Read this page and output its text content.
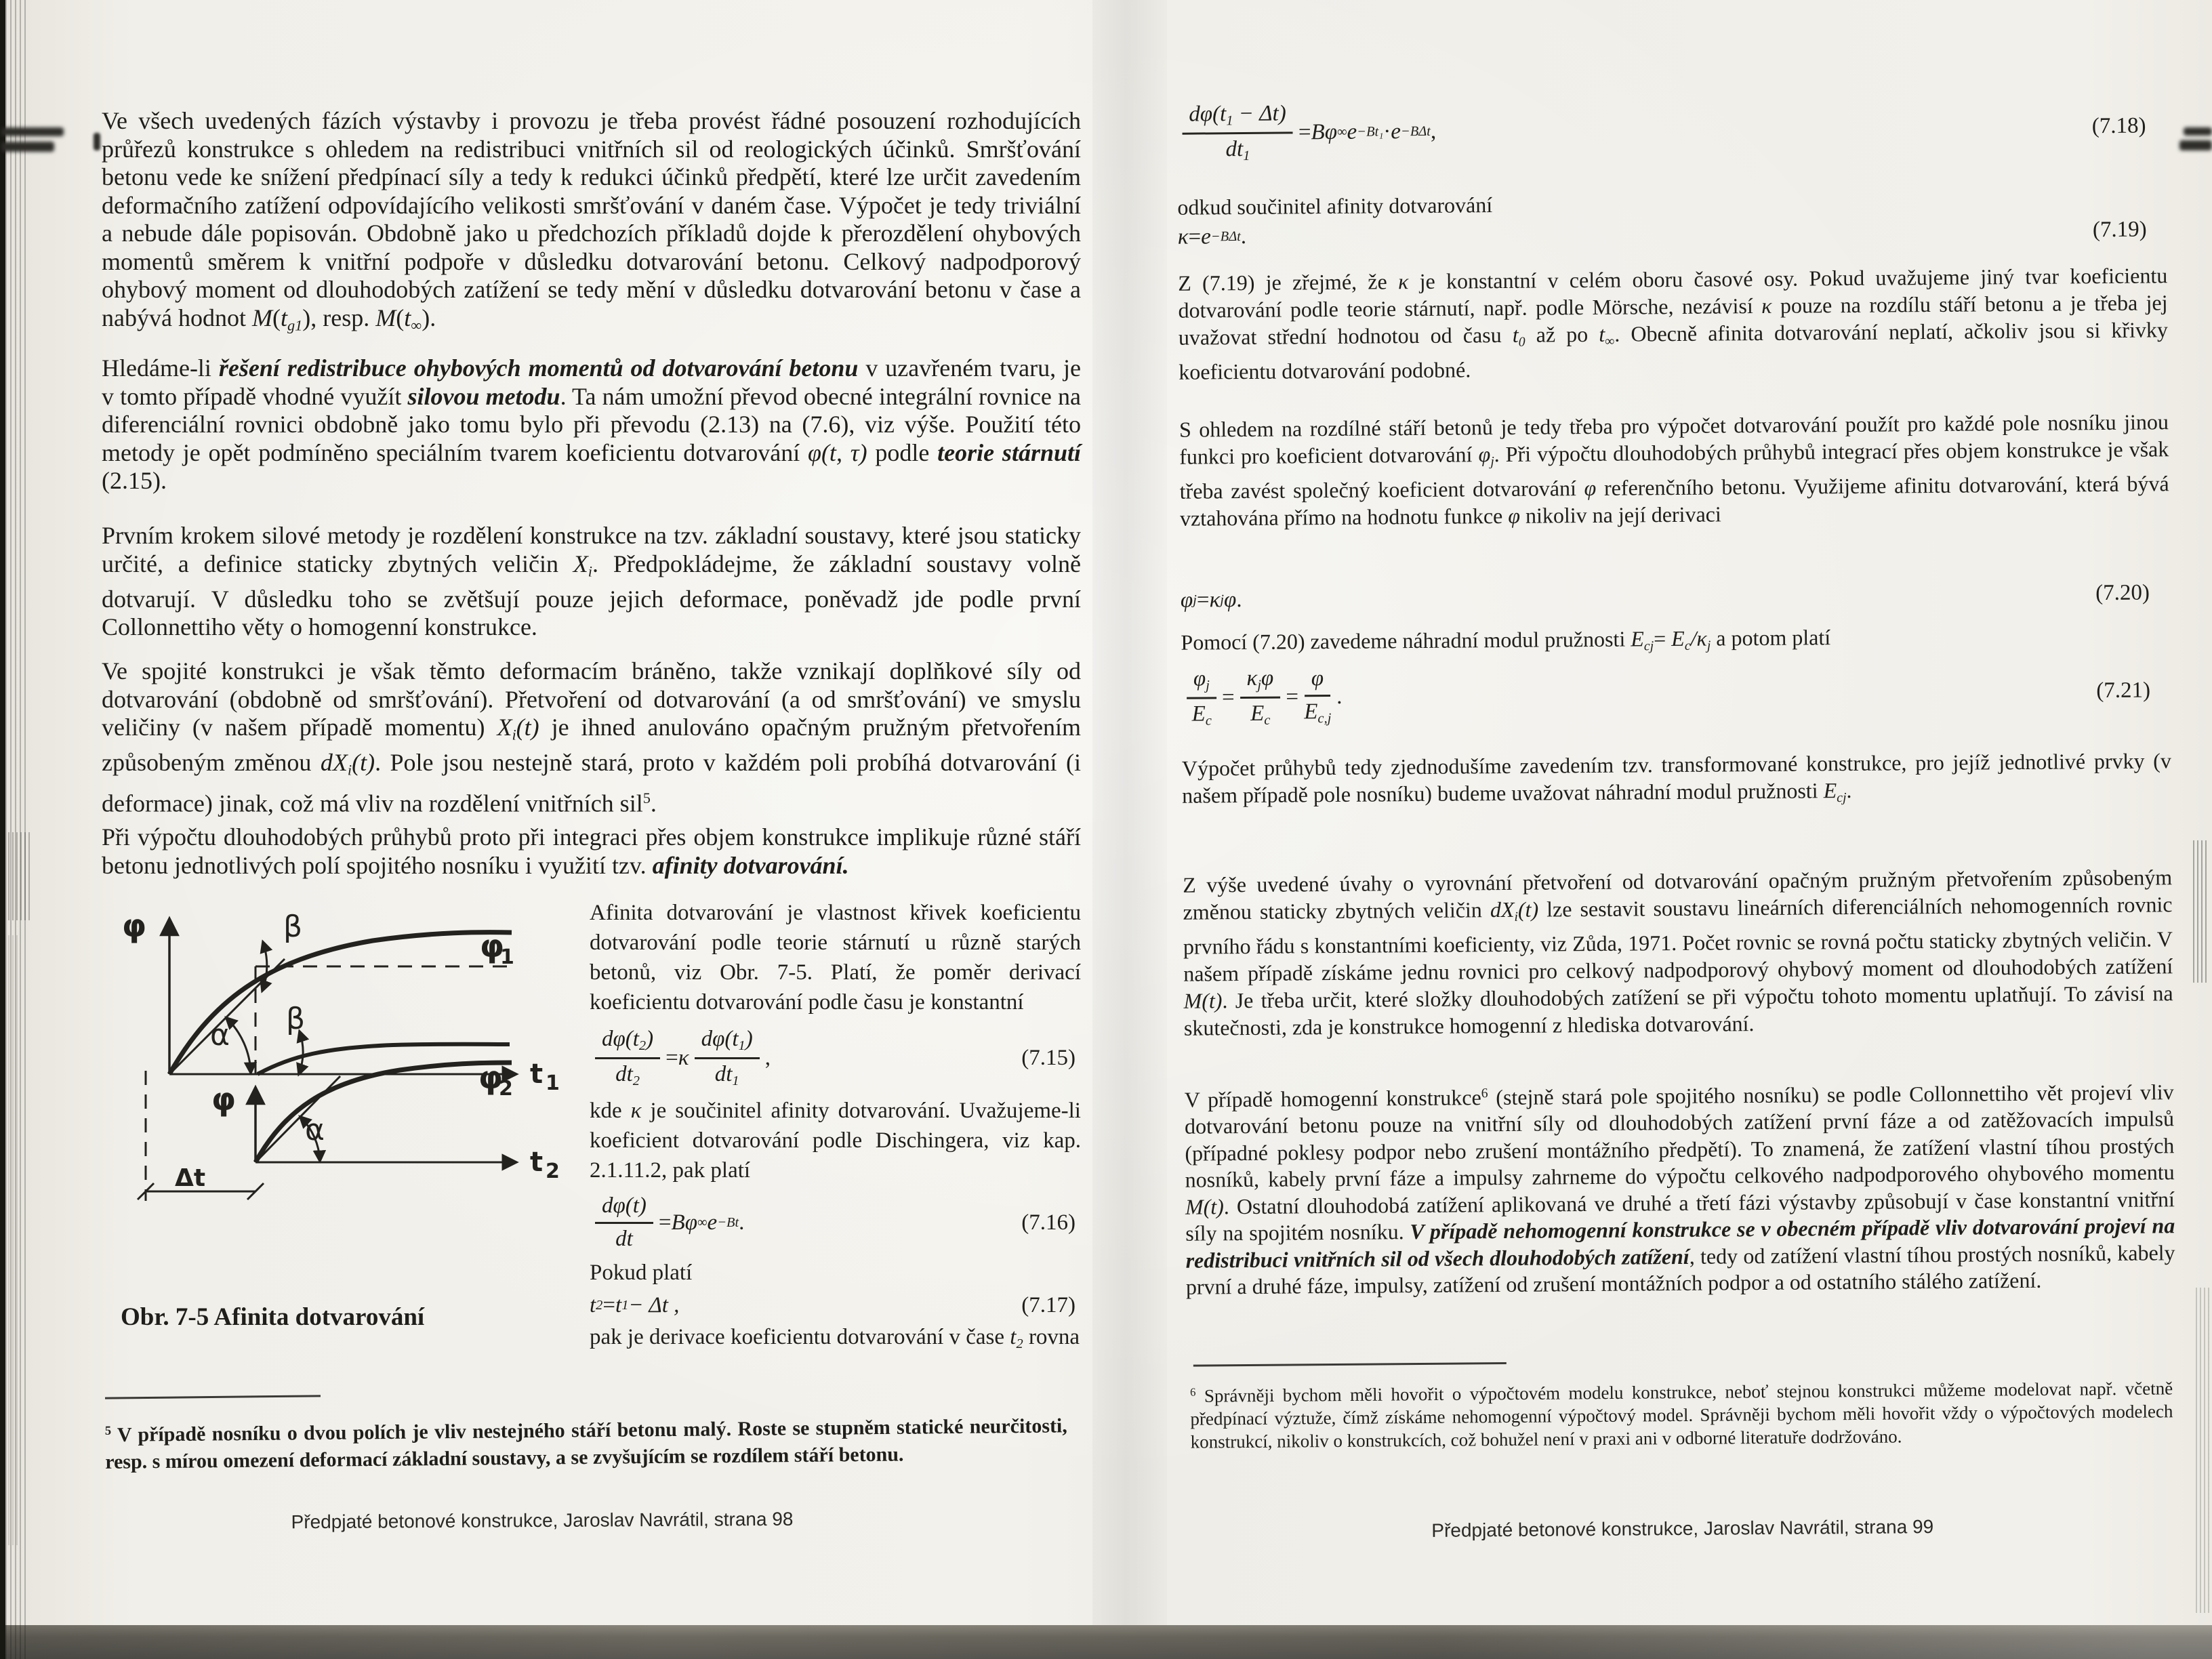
Ve všech uvedených fázích výstavby i provozu je třeba provést řádné posouzení rozhodujících průřezů konstrukce s ohledem na redistribuci vnitřních sil od reologických účinků. Smršťování betonu vede ke snížení předpínací síly a tedy k redukci účinků předpětí, které lze určit zavedením deformačního zatížení odpovídajícího velikosti smršťování v daném čase. Výpočet je tedy triviální a nebude dále popisován. Obdobně jako u předchozích příkladů dojde k přerozdělení ohybových momentů směrem k vnitřní podpoře v důsledku dotvarování betonu. Celkový nadpodporový ohybový moment od dlouhodobých zatížení se tedy mění v důsledku dotvarování betonu v čase a nabývá hodnot M(tg1), resp. M(t∞).
Hledáme-li řešení redistribuce ohybových momentů od dotvarování betonu v uzavřeném tvaru, je v tomto případě vhodné využít silovou metodu. Ta nám umožní převod obecné integrální rovnice na diferenciální rovnici obdobně jako tomu bylo při převodu (2.13) na (7.6), viz výše. Použití této metody je opět podmíněno speciálním tvarem koeficientu dotvarování φ(t, τ) podle teorie stárnutí (2.15).
Prvním krokem silové metody je rozdělení konstrukce na tzv. základní soustavy, které jsou staticky určité, a definice staticky zbytných veličin Xi. Předpokládejme, že základní soustavy volně dotvarují. V důsledku toho se zvětšují pouze jejich deformace, poněvadž jde podle první Collonnettiho věty o homogenní konstrukce.
Ve spojité konstrukci je však těmto deformacím bráněno, takže vznikají doplňkové síly od dotvarování (obdobně od smršťování). Přetvoření od dotvarování (a od smršťování) ve smyslu veličiny (v našem případě momentu) Xi(t) je ihned anulováno opačným pružným přetvořením způsobeným změnou dXi(t). Pole jsou nestejně stará, proto v každém poli probíhá dotvarování (i deformace) jinak, což má vliv na rozdělení vnitřních sil$^5$.
Při výpočtu dlouhodobých průhybů proto při integraci přes objem konstrukce implikuje různé stáří betonu jednotlivých polí spojitého nosníku i využití tzv. afinity dotvarování.
φ
t 1
α
β
β
φ
1
φ
t 2
α
φ
2
Δt
Obr. 7-5 Afinita dotvarování
Afinita dotvarování je vlastnost křivek koeficientu dotvarování podle teorie stárnutí u různě starých betonů, viz Obr. 7-5. Platí, že poměr derivací koeficientu dotvarování podle času je konstantní
$\frac{d\varphi(t2)}{dt2} = \kappa \frac{d\varphi(t1)}{dt1}$ ,	(7.15)
kde κ je součinitel afinity dotvarování. Uvažujeme-li koeficient dotvarování podle Dischingera, viz kap. 2.1.11.2, pak platí
$\frac{d\varphi(t)}{dt} = B\varphi$ ∞ e −Bt .	(7.16)
Pokud platí
t 2 = t 1 − Δt ,	(7.17)
pak je derivace koeficientu dotvarování v čase t2 rovna
$^5$ V případě nosníku o dvou polích je vliv nestejného stáří betonu malý. Roste se stupněm statické neurčitosti, resp. s mírou omezení deformací základní soustavy, a se zvyšujícím se rozdílem stáří betonu.
Předpjaté betonové konstrukce, Jaroslav Navrátil, strana 98
$\frac{d\varphi(t1 - \Delta t)}{dt1} = B\varphi$ ∞ e −Bt₁ · e −BΔt ,	(7.18)
odkud součinitel afinity dotvarování
κ = e −BΔt .	(7.19)
Z (7.19) je zřejmé, že κ je konstantní v celém oboru časové osy. Pokud uvažujeme jiný tvar koeficientu dotvarování podle teorie stárnutí, např. podle Mörsche, nezávisí κ pouze na rozdílu stáří betonu a je třeba jej uvažovat střední hodnotou od času t0 až po t∞. Obecně afinita dotvarování neplatí, ačkoliv jsou si křivky koeficientu dotvarování podobné.
S ohledem na rozdílné stáří betonů je tedy třeba pro výpočet dotvarování použít pro každé pole nosníku jinou funkci pro koeficient dotvarování φj. Při výpočtu dlouhodobých průhybů integrací přes objem konstrukce je však třeba zavést společný koeficient dotvarování φ referenčního betonu. Využijeme afinitu dotvarování, která bývá vztahována přímo na hodnotu funkce φ nikoliv na její derivaci
φ j = κ j φ .	(7.20)
Pomocí (7.20) zavedeme náhradní modul pružnosti Ecj= Ec/κj a potom platí
$\frac{\varphi j}{Ec} = \frac{\text{κjφ}}{Ec} = \frac{\varphi}{Ec,j}$ .	(7.21)
Výpočet průhybů tedy zjednodušíme zavedením tzv. transformované konstrukce, pro jejíž jednotlivé prvky (v našem případě pole nosníku) budeme uvažovat náhradní modul pružnosti Ecj.
Z výše uvedené úvahy o vyrovnání přetvoření od dotvarování opačným pružným přetvořením způsobeným změnou staticky zbytných veličin dXi(t) lze sestavit soustavu lineárních diferenciálních nehomogenních rovnic prvního řádu s konstantními koeficienty, viz Zůda, 1971. Počet rovnic se rovná počtu staticky zbytných veličin. V našem případě získáme jednu rovnici pro celkový nadpodporový ohybový moment od dlouhodobých zatížení M(t). Je třeba určit, které složky dlouhodobých zatížení se při výpočtu tohoto momentu uplatňují. To závisí na skutečnosti, zda je konstrukce homogenní z hlediska dotvarování.
V případě homogenní konstrukce$^6$ (stejně stará pole spojitého nosníku) se podle Collonnettiho vět projeví vliv dotvarování betonu pouze na vnitřní síly od dlouhodobých zatížení první fáze a od zatěžovacích impulsů (případné poklesy podpor nebo zrušení montážního předpětí). To znamená, že zatížení vlastní tíhou prostých nosníků, kabely první fáze a impulsy zahrneme do výpočtu celkového nadpodporového ohybového momentu M(t). Ostatní dlouhodobá zatížení aplikovaná ve druhé a třetí fázi výstavby způsobují v čase konstantní vnitřní síly na spojitém nosníku. V případě nehomogenní konstrukce se v obecném případě vliv dotvarování projeví na redistribuci vnitřních sil od všech dlouhodobých zatížení, tedy od zatížení vlastní tíhou prostých nosníků, kabely první a druhé fáze, impulsy, zatížení od zrušení montážních podpor a od ostatního stálého zatížení.
$^6$ Správněji bychom měli hovořit o výpočtovém modelu konstrukce, neboť stejnou konstrukci můžeme modelovat např. včetně předpínací výztuže, čímž získáme nehomogenní výpočtový model. Správněji bychom měli hovořit vždy o výpočtových modelech konstrukcí, nikoliv o konstrukcích, což bohužel není v praxi ani v odborné literatuře dodržováno.
Předpjaté betonové konstrukce, Jaroslav Navrátil, strana 99
